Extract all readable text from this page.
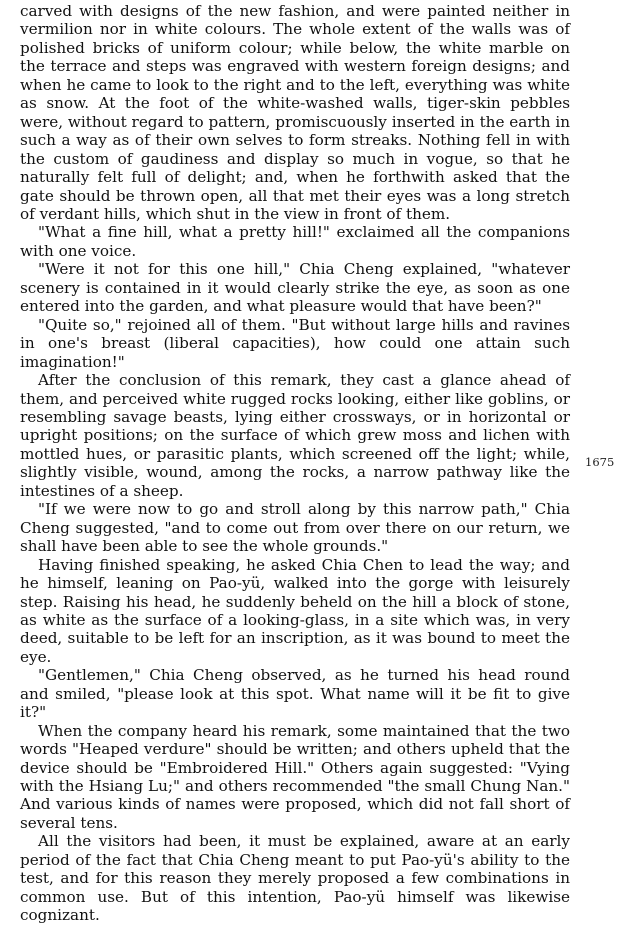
carved with designs of the new fashion, and were painted neither in vermilion nor in white colours. The whole extent of the walls was of polished bricks of uniform colour; while below, the white marble on the terrace and steps was engraved with western foreign designs; and when he came to look to the right and to the left, everything was white as snow. At the foot of the white-washed walls, tiger-skin pebbles were, without regard to pattern, promiscuously inserted in the earth in such a way as of their own selves to form streaks. Nothing fell in with the custom of gaudiness and display so much in vogue, so that he naturally felt full of delight; and, when he forthwith asked that the gate should be thrown open, all that met their eyes was a long stretch of verdant hills, which shut in the view in front of them.

"What a fine hill, what a pretty hill!" exclaimed all the companions with one voice.

"Were it not for this one hill," Chia Cheng explained, "whatever scenery is contained in it would clearly strike the eye, as soon as one entered into the garden, and what pleasure would that have been?"

"Quite so," rejoined all of them. "But without large hills and ravines in one's breast (liberal capacities), how could one attain such imagination!"

After the conclusion of this remark, they cast a glance ahead of them, and perceived white rugged rocks looking, either like goblins, or resembling savage beasts, lying either crossways, or in horizontal or upright positions; on the surface of which grew moss and lichen with mottled hues, or parasitic plants, which screened off the light; while, slightly visible, wound, among the rocks, a narrow pathway like the intestines of a sheep.

"If we were now to go and stroll along by this narrow path," Chia Cheng suggested, "and to come out from over there on our return, we shall have been able to see the whole grounds."

Having finished speaking, he asked Chia Chen to lead the way; and he himself, leaning on Pao-yü, walked into the gorge with leisurely step. Raising his head, he suddenly beheld on the hill a block of stone, as white as the surface of a looking-glass, in a site which was, in very deed, suitable to be left for an inscription, as it was bound to meet the eye.

"Gentlemen," Chia Cheng observed, as he turned his head round and smiled, "please look at this spot. What name will it be fit to give it?"

When the company heard his remark, some maintained that the two words "Heaped verdure" should be written; and others upheld that the device should be "Embroidered Hill." Others again suggested: "Vying with the Hsiang Lu;" and others recommended "the small Chung Nan." And various kinds of names were proposed, which did not fall short of several tens.

All the visitors had been, it must be explained, aware at an early period of the fact that Chia Cheng meant to put Pao-yü's ability to the test, and for this reason they merely proposed a few combinations in common use. But of this intention, Pao-yü himself was likewise cognizant.

1675
